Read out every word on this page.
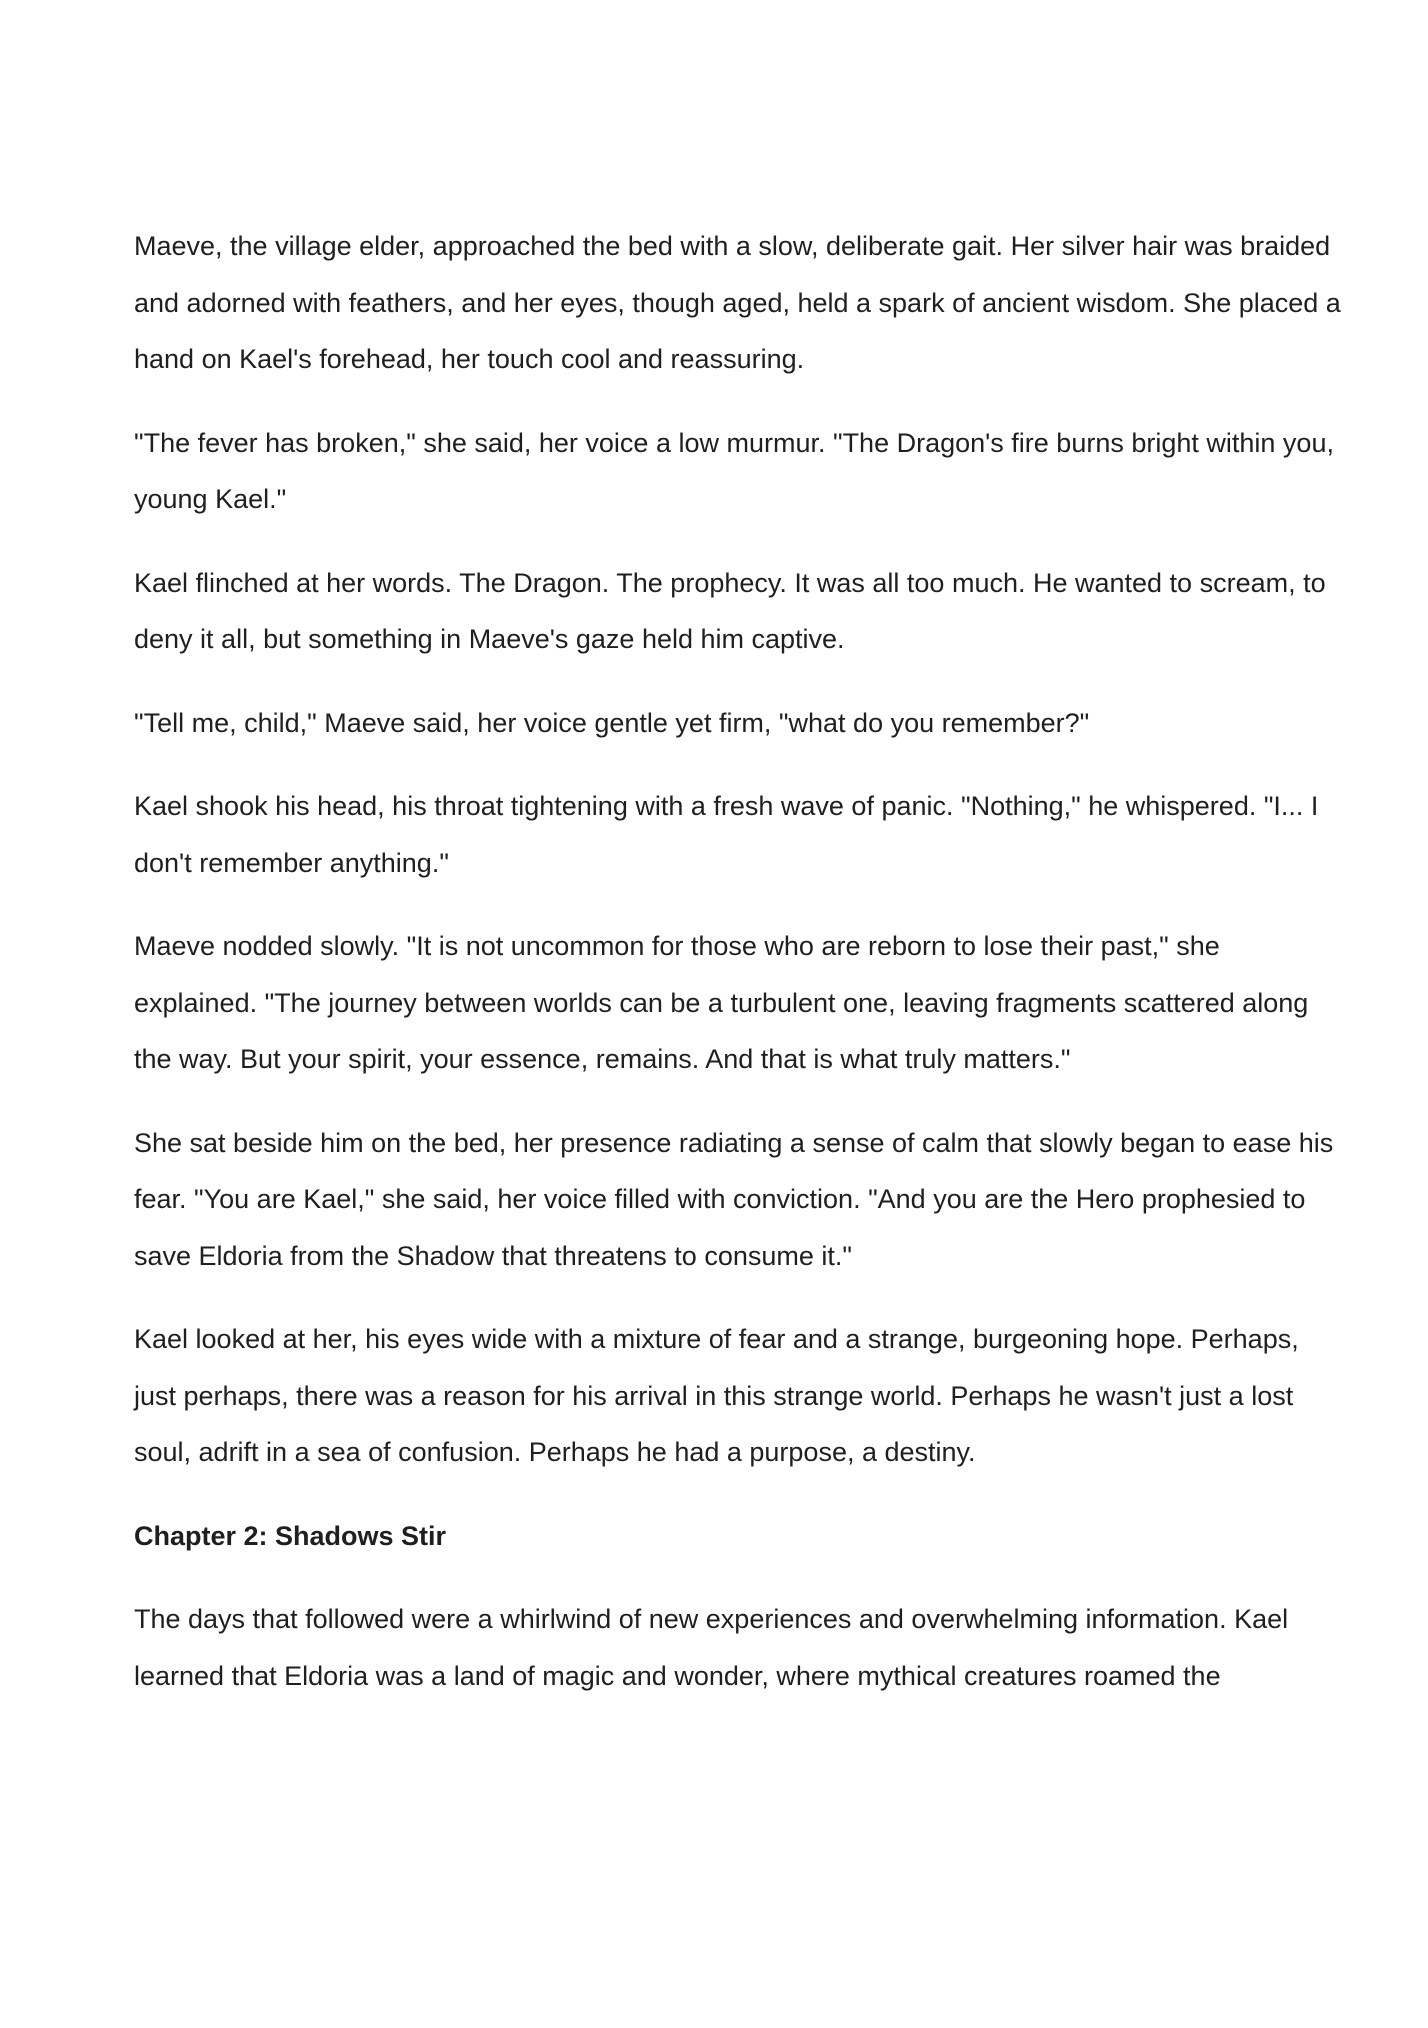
Maeve, the village elder, approached the bed with a slow, deliberate gait. Her silver hair was braided and adorned with feathers, and her eyes, though aged, held a spark of ancient wisdom. She placed a hand on Kael's forehead, her touch cool and reassuring.

"The fever has broken," she said, her voice a low murmur. "The Dragon's fire burns bright within you, young Kael."

Kael flinched at her words. The Dragon. The prophecy. It was all too much. He wanted to scream, to deny it all, but something in Maeve's gaze held him captive.

"Tell me, child," Maeve said, her voice gentle yet firm, "what do you remember?"

Kael shook his head, his throat tightening with a fresh wave of panic. "Nothing," he whispered. "I... I don't remember anything."

Maeve nodded slowly. "It is not uncommon for those who are reborn to lose their past," she explained. "The journey between worlds can be a turbulent one, leaving fragments scattered along the way. But your spirit, your essence, remains. And that is what truly matters."

She sat beside him on the bed, her presence radiating a sense of calm that slowly began to ease his fear. "You are Kael," she said, her voice filled with conviction. "And you are the Hero prophesied to save Eldoria from the Shadow that threatens to consume it."

Kael looked at her, his eyes wide with a mixture of fear and a strange, burgeoning hope. Perhaps, just perhaps, there was a reason for his arrival in this strange world. Perhaps he wasn't just a lost soul, adrift in a sea of confusion. Perhaps he had a purpose, a destiny.

Chapter 2: Shadows Stir

The days that followed were a whirlwind of new experiences and overwhelming information. Kael learned that Eldoria was a land of magic and wonder, where mythical creatures roamed the
